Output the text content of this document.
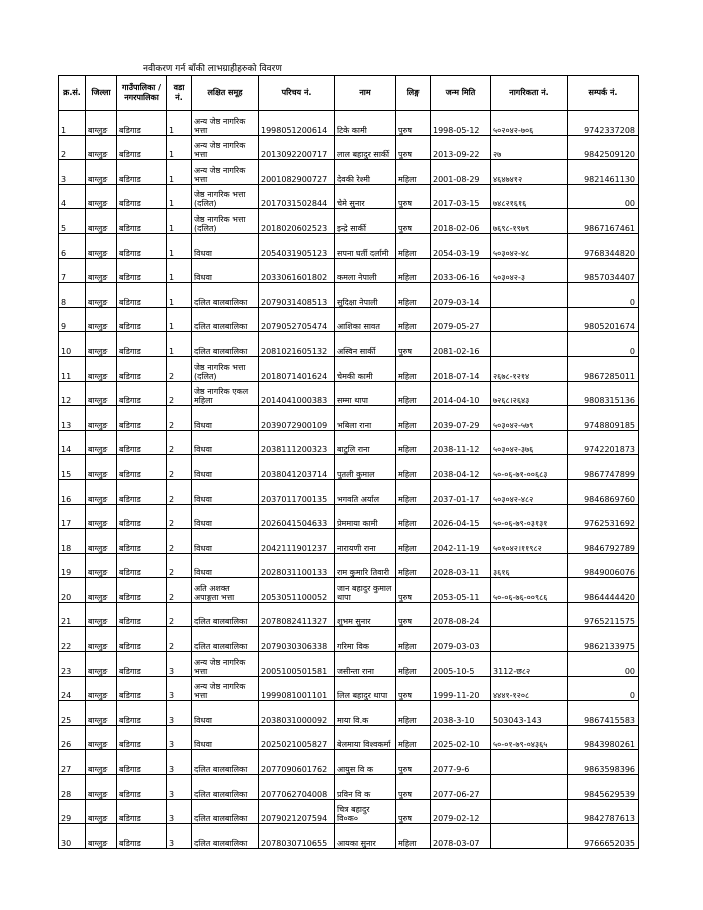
नवीकरण गर्न बाँकी लाभग्राहीहरुको विवरण
क्र.सं.	जिल्ला	गाउँपालिका /नगरपालिका	वडा नं.	लक्षित समूह	परिचय नं.	नाम	लिङ्ग	जन्म मिति	नागरिकता नं.	सम्पर्क नं.
1	बाग्लुङ	बडिगाड	1	अन्य जेष्ठ नागरिक भत्ता	1998051200614	टिके कामी	पुरुष	1998-05-12	५०२०४२-७०६	9742337208
2	बाग्लुङ	बडिगाड	1	अन्य जेष्ठ नागरिक भत्ता	2013092200717	लाल बहादुर सार्की	पुरुष	2013-09-22	२७	9842509120
3	बाग्लुङ	बडिगाड	1	अन्य जेष्ठ नागरिक भत्ता	2001082900727	देवकी रेश्मी	महिला	2001-08-29	४६४७४१२	9821461130
4	बाग्लुङ	बडिगाड	1	जेष्ठ नागरिक भत्ता (दलित)	2017031502844	चेमे सुनार	पुरुष	2017-03-15	७४८२१६१६	00
5	बाग्लुङ	बडिगाड	1	जेष्ठ नागरिक भत्ता (दलित)	2018020602523	इन्द्रे सार्की	पुरुष	2018-02-06	७६९८-१९७९	9867167461
6	बाग्लुङ	बडिगाड	1	विधवा	2054031905123	सपना घर्ती दर्लामी	महिला	2054-03-19	५०३०४२-४८	9768344820
7	बाग्लुङ	बडिगाड	1	विधवा	2033061601802	कमला नेपाली	महिला	2033-06-16	५०३०४२-३	9857034407
8	बाग्लुङ	बडिगाड	1	दलित बालबालिका	2079031408513	सुदिक्षा नेपाली	महिला	2079-03-14		0
9	बाग्लुङ	बडिगाड	1	दलित बालबालिका	2079052705474	आशिका सावत	महिला	2079-05-27		9805201674
10	बाग्लुङ	बडिगाड	1	दलित बालबालिका	2081021605132	अस्विन सार्की	पुरुष	2081-02-16		0
11	बाग्लुङ	बडिगाड	2	जेष्ठ नागरिक भत्ता (दलित)	2018071401624	चेमकी कामी	महिला	2018-07-14	२६७८-१२१४	9867285011
12	बाग्लुङ	बडिगाड	2	जेष्ठ नागरिक एकल महिला	2014041000383	सम्मा थापा	महिला	2014-04-10	७२६८।२६४३	9808315136
13	बाग्लुङ	बडिगाड	2	विधवा	2039072900109	भबिला राना	महिला	2039-07-29	५०३०४२-५७९	9748809185
14	बाग्लुङ	बडिगाड	2	विधवा	2038111200323	बाटुलि राना	महिला	2038-11-12	५०३०४२-३७६	9742201873
15	बाग्लुङ	बडिगाड	2	विधवा	2038041203714	पुतली कुमाल	महिला	2038-04-12	५०-०६-७१-००६८३	9867747899
16	बाग्लुङ	बडिगाड	2	विधवा	2037011700135	भगवति अर्याल	महिला	2037-01-17	५०३०४२-४८२	9846869760
17	बाग्लुङ	बडिगाड	2	विधवा	2026041504633	प्रेममाया कामी	महिला	2026-04-15	५०-०६-७९-०३१३१	9762531692
18	बाग्लुङ	बडिगाड	2	विधवा	2042111901237	नारायणी राना	महिला	2042-11-19	५०१०४२।११९८२	9846792789
19	बाग्लुङ	बडिगाड	2	विधवा	2028031100133	राम कुमारि तिवारी	महिला	2028-03-11	३६१६	9849006076
20	बाग्लुङ	बडिगाड	2	अति अशक्त अपाङ्गता भत्ता	2053051100052	जान बहादुर कुमाल थापा	पुरुष	2053-05-11	५०-०६-७६-००९८६	9864444420
21	बाग्लुङ	बडिगाड	2	दलित बालबालिका	2078082411327	शुभम सुनार	पुरुष	2078-08-24		9765211575
22	बाग्लुङ	बडिगाड	2	दलित बालबालिका	2079030306338	गरिमा विक	महिला	2079-03-03		9862133975
23	बाग्लुङ	बडिगाड	3	अन्य जेष्ठ नागरिक भत्ता	2005100501581	जसीन्ता राना	महिला	2005-10-5	3112-छ८२	00
24	बाग्लुङ	बडिगाड	3	अन्य जेष्ठ नागरिक भत्ता	1999081001101	लिल बहादुर थापा	पुरुष	1999-11-20	४४४१-१२०८	0
25	बाग्लुङ	बडिगाड	3	विधवा	2038031000092	माया वि.क	महिला	2038-3-10	503043-143	9867415583
26	बाग्लुङ	बडिगाड	3	विधवा	2025021005827	बेलमाया विश्वकर्मा	महिला	2025-02-10	५०-०१-७९-०४३६५	9843980261
27	बाग्लुङ	बडिगाड	3	दलित बालबालिका	2077090601762	आयुस वि क	पुरुष	2077-9-6		9863598396
28	बाग्लुङ	बडिगाड	3	दलित बालबालिका	2077062704008	प्रविन वि क	पुरुष	2077-06-27		9845629539
29	बाग्लुङ	बडिगाड	3	दलित बालबालिका	2079021207594	चित्र बहादुर वि०क०	पुरुष	2079-02-12		9842787613
30	बाग्लुङ	बडिगाड	3	दलित बालबालिका	2078030710655	आयका सुनार	महिला	2078-03-07		9766652035
